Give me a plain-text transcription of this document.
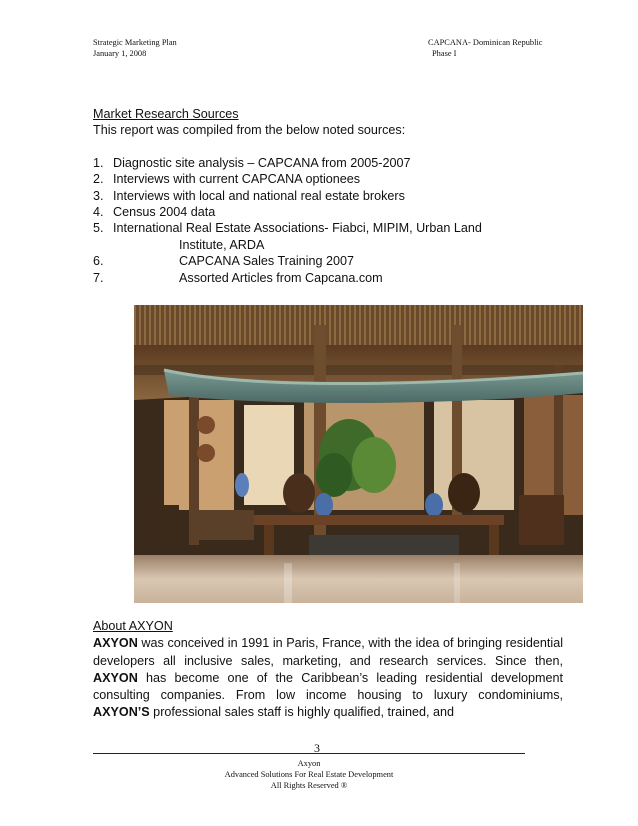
Strategic Marketing Plan
January 1, 2008
CAPCANA- Dominican Republic
Phase I
Market Research Sources
This report was compiled from the below noted sources:
1. Diagnostic site analysis – CAPCANA from 2005-2007
2. Interviews with current CAPCANA optionees
3. Interviews with local and national real estate brokers
4. Census 2004 data
5. International Real Estate Associations- Fiabci, MIPIM, Urban Land
Institute, ARDA
6.	CAPCANA Sales Training 2007
7.	Assorted Articles from Capcana.com
About AXYON
AXYON was conceived in 1991 in Paris, France, with the idea of bringing residential developers all inclusive sales, marketing, and research services. Since then, AXYON has become one of the Caribbean’s leading residential development consulting companies. From low income housing to luxury condominiums, AXYON’S professional sales staff is highly qualified, trained, and
3
Axyon
Advanced Solutions For Real Estate Development
All Rights Reserved ®
